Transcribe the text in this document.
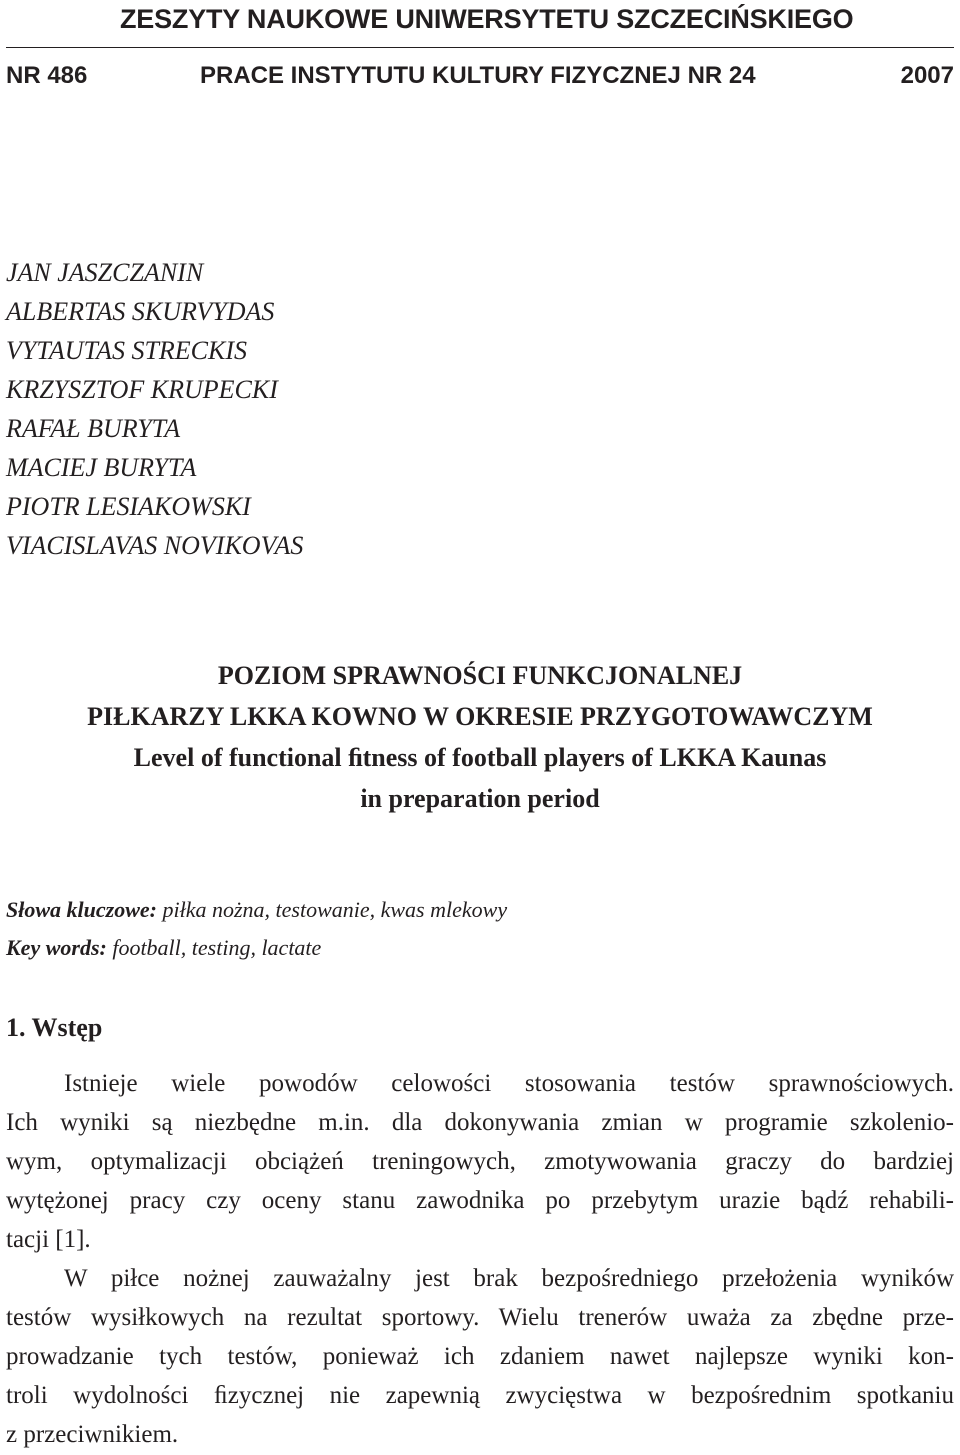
ZESZYTY NAUKOWE UNIWERSYTETU SZCZECIŃSKIEGO
NR 486	PRACE INSTYTUTU KULTURY FIZYCZNEJ NR 24	2007
JAN JASZCZANIN
ALBERTAS SKURVYDAS
VYTAUTAS STRECKIS
KRZYSZTOF KRUPECKI
RAFAŁ BURYTA
MACIEJ BURYTA
PIOTR LESIAKOWSKI
VIACISLAVAS NOVIKOVAS
POZIOM SPRAWNOŚCI FUNKCJONALNEJ
PIŁKARZY LKKA KOWNO W OKRESIE PRZYGOTOWAWCZYM
Level of functional ﬁtness of football players of LKKA Kaunas
in preparation period
Słowa kluczowe: piłka nożna, testowanie, kwas mlekowy
Key words: football, testing, lactate
1. Wstęp
Istnieje wiele powodów celowości stosowania testów sprawnościowych.
Ich wyniki są niezbędne m.in. dla dokonywania zmian w programie szkolenio-
wym, optymalizacji obciążeń treningowych, zmotywowania graczy do bardziej
wytężonej pracy czy oceny stanu zawodnika po przebytym urazie bądź rehabili-
tacji [1].
W piłce nożnej zauważalny jest brak bezpośredniego przełożenia wyników
testów wysiłkowych na rezultat sportowy. Wielu trenerów uważa za zbędne prze-
prowadzanie tych testów, ponieważ ich zdaniem nawet najlepsze wyniki kon-
troli wydolności ﬁzycznej nie zapewnią zwycięstwa w bezpośrednim spotkaniu
z przeciwnikiem.
